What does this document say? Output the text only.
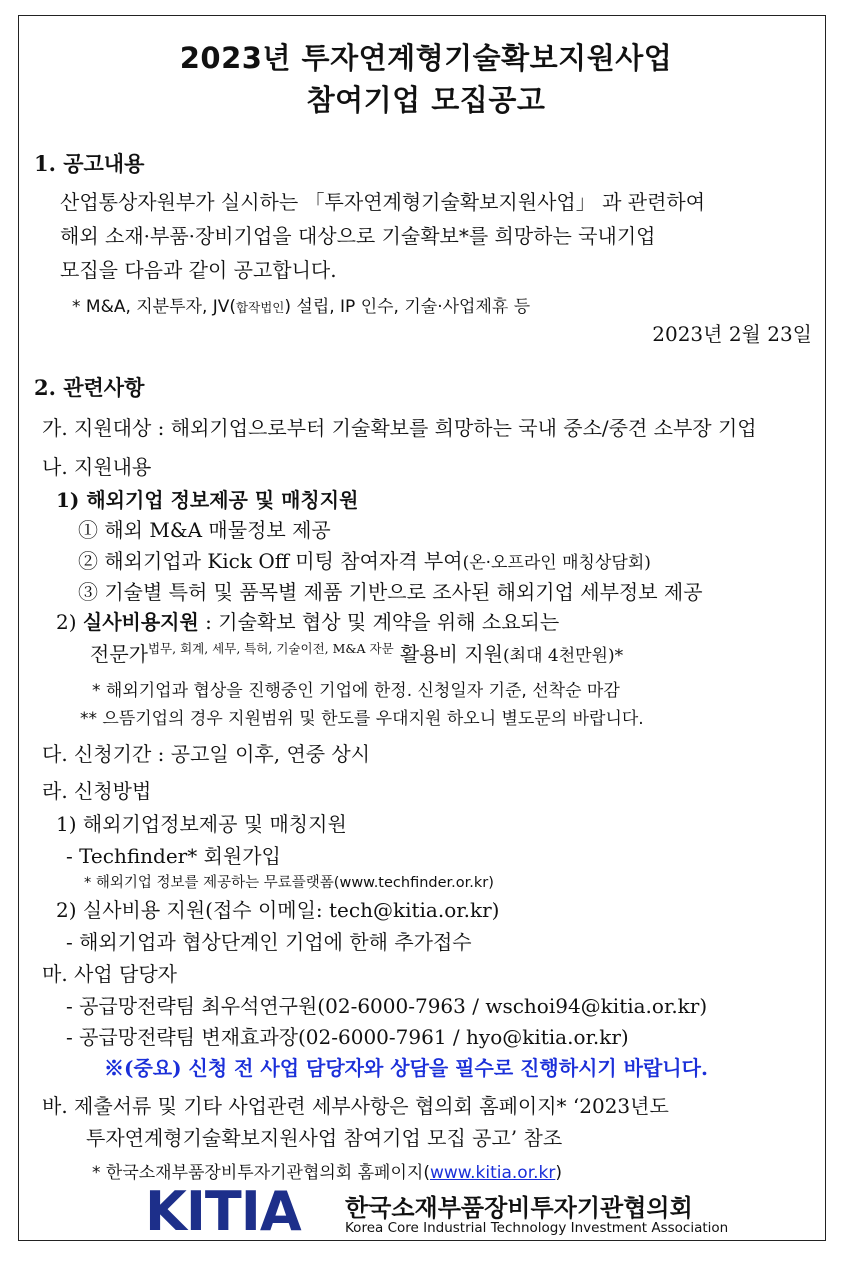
2023년 투자연계형기술확보지원사업
참여기업 모집공고
1. 공고내용
산업통상자원부가 실시하는 「투자연계형기술확보지원사업」 과 관련하여
해외 소재·부품·장비기업을 대상으로 기술확보*를 희망하는 국내기업
모집을 다음과 같이 공고합니다.
* M&A, 지분투자, JV(합작법인) 설립, IP 인수, 기술·사업제휴 등
2023년 2월 23일
2. 관련사항
가. 지원대상 : 해외기업으로부터 기술확보를 희망하는 국내 중소/중견 소부장 기업
나. 지원내용
1) 해외기업 정보제공 및 매칭지원
① 해외 M&A 매물정보 제공
② 해외기업과 Kick Off 미팅 참여자격 부여(온·오프라인 매칭상담회)
③ 기술별 특허 및 품목별 제품 기반으로 조사된 해외기업 세부정보 제공
2) 실사비용지원 : 기술확보 협상 및 계약을 위해 소요되는
전문가$^{법무, 회계, 세무, 특허, 기술이전, M\&A 자문}$ 활용비 지원(최대 4천만원)*
* 해외기업과 협상을 진행중인 기업에 한정. 신청일자 기준, 선착순 마감
** 으뜸기업의 경우 지원범위 및 한도를 우대지원 하오니 별도문의 바랍니다.
다. 신청기간 : 공고일 이후, 연중 상시
라. 신청방법
1) 해외기업정보제공 및 매칭지원
- Techfinder* 회원가입
* 해외기업 정보를 제공하는 무료플랫폼(www.techfinder.or.kr)
2) 실사비용 지원(접수 이메일: tech@kitia.or.kr)
- 해외기업과 협상단계인 기업에 한해 추가접수
마. 사업 담당자
- 공급망전략팀 최우석연구원(02-6000-7963 / wschoi94@kitia.or.kr)
- 공급망전략팀 변재효과장(02-6000-7961 / hyo@kitia.or.kr)
※(중요) 신청 전 사업 담당자와 상담을 필수로 진행하시기 바랍니다.
바. 제출서류 및 기타 사업관련 세부사항은 협의회 홈페이지* ‘2023년도
투자연계형기술확보지원사업 참여기업 모집 공고’ 참조
* 한국소재부품장비투자기관협의회 홈페이지(www.kitia.or.kr)
KITIA 한국소재부품장비투자기관협의회
Korea Core Industrial Technology Investment Association
